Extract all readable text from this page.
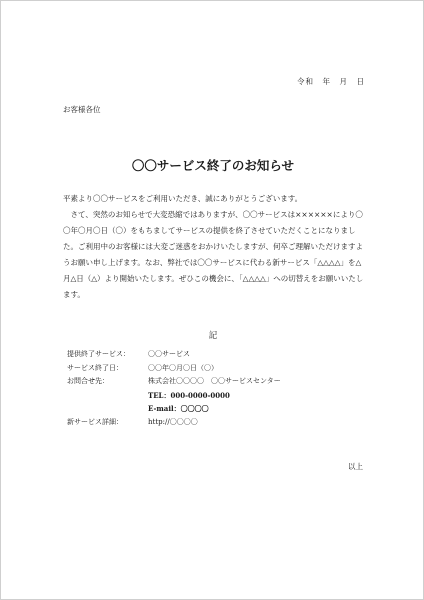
令和　年　月　日
お客様各位
〇〇サービス終了のお知らせ

平素より〇〇サービスをご利用いただき、誠にありがとうございます。

　さて、突然のお知らせで大変恐縮ではありますが、〇〇サービスは××××××により〇〇年〇月〇日（〇）をもちましてサービスの提供を終了させていただくことになりました。ご利用中のお客様には大変ご迷惑をおかけいたしますが、何卒ご理解いただけますようお願い申し上げます。なお、弊社では〇〇サービスに代わる新サービス「△△△△」を△月△日（△）より開始いたします。ぜひこの機会に、「△△△△」への切替えをお願いいたします。

記
提供終了サービス：	〇〇サービス
サービス終了日：	〇〇年〇月〇日（〇）
お問合せ先：	株式会社〇〇〇〇　〇〇サービスセンター
TEL：000-0000-0000
E-mail：〇〇〇〇
新サービス詳細：	http://〇〇〇〇
以上
